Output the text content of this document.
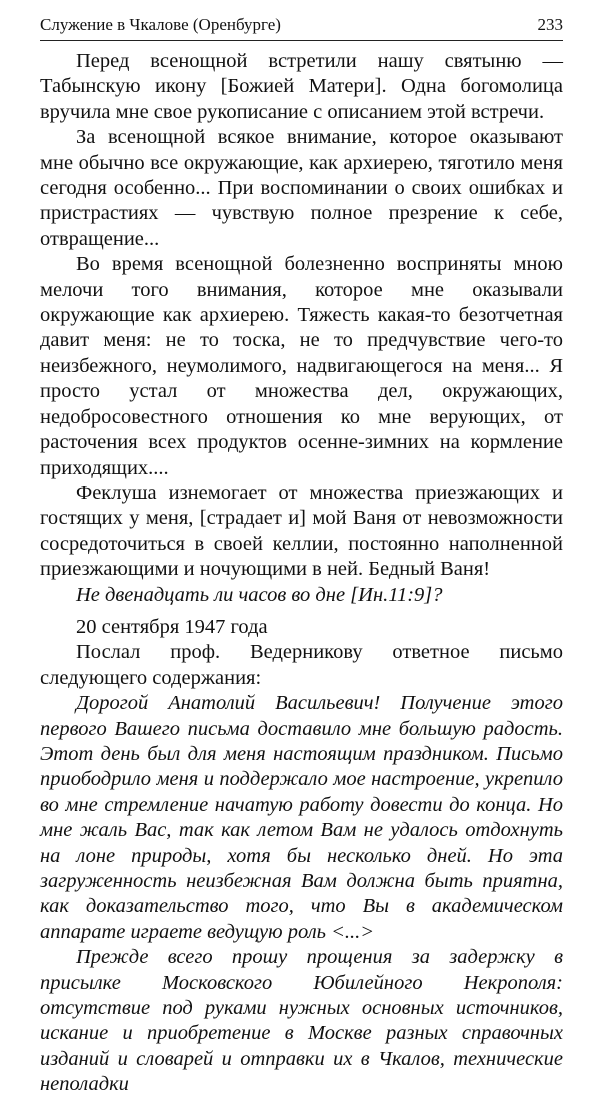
Служение в Чкалове (Оренбурге)	233

Перед всенощной встретили нашу святыню — Табынскую икону [Божией Матери]. Одна богомолица вручила мне свое рукописание с описанием этой встречи.

За всенощной всякое внимание, которое оказывают мне обычно все окружающие, как архиерею, тяготило меня сегодня особенно... При воспоминании о своих ошибках и пристрастиях — чувствую полное презрение к себе, отвращение...

Во время всенощной болезненно восприняты мною мелочи того внимания, которое мне оказывали окружающие как архиерею. Тяжесть какая-то безотчетная давит меня: не то тоска, не то предчувствие чего-то неизбежного, неумолимого, надвигающегося на меня... Я просто устал от множества дел, окружающих, недобросовестного отношения ко мне верующих, от расточения всех продуктов осенне-зимних на кормление приходящих....

Феклуша изнемогает от множества приезжающих и гостящих у меня, [страдает и] мой Ваня от невозможности сосредоточиться в своей келлии, постоянно наполненной приезжающими и ночующими в ней. Бедный Ваня!

Не двенадцать ли часов во дне [Ин.11:9]?

20 сентября 1947 года

Послал проф. Ведерникову ответное письмо следующего содержания:

Дорогой Анатолий Васильевич! Получение этого первого Вашего письма доставило мне большую радость. Этот день был для меня настоящим праздником. Письмо приободрило меня и поддержало мое настроение, укрепило во мне стремление начатую работу довести до конца. Но мне жаль Вас, так как летом Вам не удалось отдохнуть на лоне природы, хотя бы несколько дней. Но эта загруженность неизбежная Вам должна быть приятна, как доказательство того, что Вы в академическом аппарате играете ведущую роль <...>

Прежде всего прошу прощения за задержку в присылке Московского Юбилейного Некрополя: отсутствие под руками нужных основных источников, искание и приобретение в Москве разных справочных изданий и словарей и отправки их в Чкалов, технические неполадки
